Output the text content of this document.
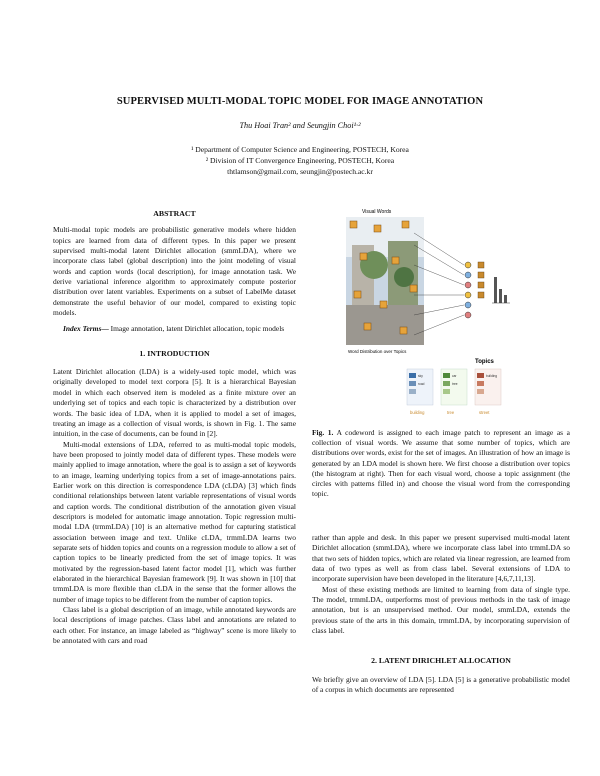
SUPERVISED MULTI-MODAL TOPIC MODEL FOR IMAGE ANNOTATION
Thu Hoai Tran² and Seungjin Choi¹·²
¹ Department of Computer Science and Engineering, POSTECH, Korea
² Division of IT Convergence Engineering, POSTECH, Korea
thtlamson@gmail.com, seungjin@postech.ac.kr
ABSTRACT

Multi-modal topic models are probabilistic generative models where hidden topics are learned from data of different types. In this paper we present supervised multi-modal latent Dirichlet allocation (smmLDA), where we incorporate class label (global description) into the joint modeling of visual words and caption words (local description), for image annotation task. We derive variational inference algorithm to approximately compute posterior distribution over latent variables. Experiments on a subset of LabelMe dataset demonstrate the useful behavior of our model, compared to existing topic models.

Index Terms— Image annotation, latent Dirichlet allocation, topic models

1. INTRODUCTION

Latent Dirichlet allocation (LDA) is a widely-used topic model, which was originally developed to model text corpora [5]. It is a hierarchical Bayesian model in which each observed item is modeled as a finite mixture over an underlying set of topics and each topic is characterized by a distribution over words. The basic idea of LDA, when it is applied to model a set of images, treating an image as a collection of visual words, is shown in Fig. 1. The same intuition, in the case of documents, can be found in [2].

Multi-modal extensions of LDA, referred to as multi-modal topic models, have been proposed to jointly model data of different types. These models were mainly applied to image annotation, where the goal is to assign a set of keywords to an image, learning underlying topics from a set of image-annotations pairs. Earlier work on this direction is correspondence LDA (cLDA) [3] which finds conditional relationships between latent variable representations of visual words and caption words. The conditional distribution of the annotation given visual descriptors is modeled for automatic image annotation. Topic regression multi-modal LDA (trmmLDA) [10] is an alternative method for capturing statistical association between image and text. Unlike cLDA, trmmLDA learns two separate sets of hidden topics and counts on a regression module to allow a set of caption topics to be linearly predicted from the set of image topics. It was motivated by the regression-based latent factor model [1], which was further elaborated in the hierarchical Bayesian framework [9]. It was shown in [10] that trmmLDA is more flexible than cLDA in the sense that the former allows the number of image topics to be different from the number of caption topics.

Class label is a global description of an image, while annotated keywords are local descriptions of image patches. Class label and annotations are related to each other. For instance, an image labeled as “highway” scene is more likely to be annotated with cars and road

Visual Words
Word Distribution over Topics
Topics
sky
road
car
tree
building
building	tree	street
Fig. 1. A codeword is assigned to each image patch to represent an image as a collection of visual words. We assume that some number of topics, which are distributions over words, exist for the set of images. An illustration of how an image is generated by an LDA model is shown here. We first choose a distribution over topics (the histogram at right). Then for each visual word, choose a topic assignment (the circles with patterns filled in) and choose the visual word from the corresponding topic.

rather than apple and desk. In this paper we present supervised multi-modal latent Dirichlet allocation (smmLDA), where we incorporate class label into trmmLDA so that two sets of hidden topics, which are related via linear regression, are learned from data of two types as well as from class label. Several extensions of LDA to incorporate supervision have been developed in the literature [4,6,7,11,13].

Most of these existing methods are limited to learning from data of single type. The model, trmmLDA, outperforms most of previous methods in the task of image annotation, but is an unsupervised method. Our model, smmLDA, extends the previous state of the arts in this domain, trmmLDA, by incorporating supervision of class label.

2. LATENT DIRICHLET ALLOCATION

We briefly give an overview of LDA [5]. LDA [5] is a generative probabilistic model of a corpus in which documents are represented
